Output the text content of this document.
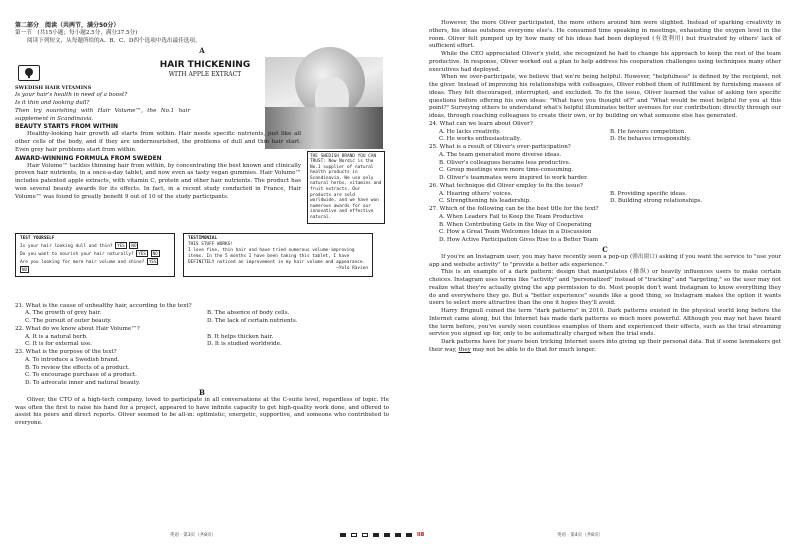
第二部分　阅读（共两节，满分50分）
第一节　(共15小题；每小题2.5分，满分37.5分)
阅读下列短文，从每题所给的A、B、C、D四个选项中选出最佳选项。
A
HAIR THICKENING
WITH APPLE EXTRACT
SWEDISH HAIR VITAMINS
Is your hair's health in need of a boost?
Is it thin and looking dull?
Then try nourishing with Hair Volume™, the No.1 hair supplement in Scandinavia.
BEAUTY STARTS FROM WITHIN

Healthy-looking hair growth all starts from within. Hair needs specific nutrients, just like all other cells of the body, and if they are undernourished, the problems of dull and thin hair start. Even grey hair problems start from within.

AWARD-WINNING FORMULA FROM SWEDEN

Hair Volume™ tackles thinning hair from within, by concentrating the best known and clinically proven hair nutrients, in a once-a-day tablet, and now even as tasty vegan gummies. Hair Volume™ includes patented apple extracts, with vitamin C, protein and other hair nutrients. The product has won several beauty awards for its effects. In fact, in a recent study conducted in France, Hair Volume™ was found to greatly benefit 9 out of 10 of the study participants.

THE SWEDISH BRAND YOU CAN TRUST: New Nordic is the No.1 supplier of natural health products in Scandinavia. We use only natural herbs, vitamins and fruit extracts. Our products are sold worldwide, and we have won numerous awards for our innovative and effective natural.
TEST YOURSELF
Is your hair looking dull and thin? YES NO
Do you want to nourish your hair naturally? YES NO
Are you looking for more hair volume and shine? YES NO
TESTIMONIAL
THIS STUFF WORKS!
I love fine, thin hair and have tried numerous volume-improving items. In the 5 months I have been taking this tablet, I have DEFINITELY noticed an improvement in my hair volume and appearance.
~Yolo Ravien
21. What is the cause of unhealthy hair, according to the text?
A. The growth of grey hair.	B. The absence of body cells.
C. The pursuit of outer beauty.	D. The lack of certain nutrients.
22. What do we know about Hair Volume™?
A. It is a natural herb.	B. It helps thicken hair.
C. It is for external use.	D. It is studied worldwide.
23. What is the purpose of the text?
A. To introduce a Swedish brand.
B. To review the effects of a product.
C. To encourage purchase of a product.
D. To advocate inner and natural beauty.
B

Oliver, the CTO of a high-tech company, loved to participate in all conversations at the C-suite level, regardless of topic. He was often the first to raise his hand for a project, appeared to have infinite capacity to get high-quality work done, and offered to assist his peers and direct reports. Oliver seemed to be all-in: optimistic, energetic, supportive, and someone who contributed to everyone.

英语 · 第3页（共8页）	II8

However, the more Oliver participated, the more others around him were slighted. Instead of sparking creativity in others, his ideas outshone everyone else's. He consumed time speaking in meetings, exhausting the oxygen level in the room. Oliver felt pumped up by how many of his ideas had been deployed (有效利用) but frustrated by others' lack of sufficient effort.

While the CEO appreciated Oliver's yield, she recognized he had to change his approach to keep the rest of the team productive. In response, Oliver worked out a plan to help address his cooperation challenges using techniques many other executives had deployed.

When we over-participate, we believe that we're being helpful. However, "helpfulness" is defined by the recipient, not the giver. Instead of improving his relationships with colleagues, Oliver robbed them of fulfillment by furnishing masses of ideas. They felt discouraged, interrupted, and excluded. To fix the issue, Oliver learned the value of asking two specific questions before offering his own ideas: "What have you thought of?" and "What would be most helpful for you at this point?" Surveying others to understand what's helpful illuminates better avenues for our contribution; directly through our ideas, through coaching colleagues to create their own, or by building on what someone else has generated.

24. What can we learn about Oliver?
A. He lacks creativity.	B. He favours competition.
C. He works enthusiastically.	D. He behaves irresponsibly.
25. What is a result of Oliver's over-participation?
A. The team generated more diverse ideas.
B. Oliver's colleagues became less productive.
C. Group meetings were more time-consuming.
D. Oliver's teammates were inspired to work harder.
26. What technique did Oliver employ to fix the issue?
A. Hearing others' voices.	B. Providing specific ideas.
C. Strengthening his leadership.	D. Building strong relationships.
27. Which of the following can be the best title for the text?
A. When Leaders Fail to Keep the Team Productive
B. When Contributing Gets in the Way of Cooperating
C. How a Great Team Welcomes Ideas in a Discussion
D. How Active Participation Gives Rise to a Better Team
C

If you're an Instagram user, you may have recently seen a pop-up (弹出窗口) asking if you want the service to "use your app and website activity" to "provide a better ads experience."

This is an example of a dark pattern: design that manipulates (操纵) or heavily influences users to make certain choices. Instagram uses terms like "activity" and "personalized" instead of "tracking" and "targeting," so the user may not realize what they're actually giving the app permission to do. Most people don't want Instagram to know everything they do and everywhere they go. But a "better experience" sounds like a good thing, so Instagram makes the option it wants users to select more attractive than the one it hopes they'll avoid.

Harry Brignull coined the term "dark patterns" in 2010. Dark patterns existed in the physical world long before the Internet came along, but the Internet has made dark patterns so much more powerful. Although you may not have heard the term before, you've surely seen countless examples of them and experienced their effects, such as the trial streaming service you signed up for, only to be automatically charged when the trial ends.

Dark patterns have for years been tricking Internet users into giving up their personal data. But if some lawmakers get their way, they may not be able to do that for much longer.

英语 · 第4页（共8页）
